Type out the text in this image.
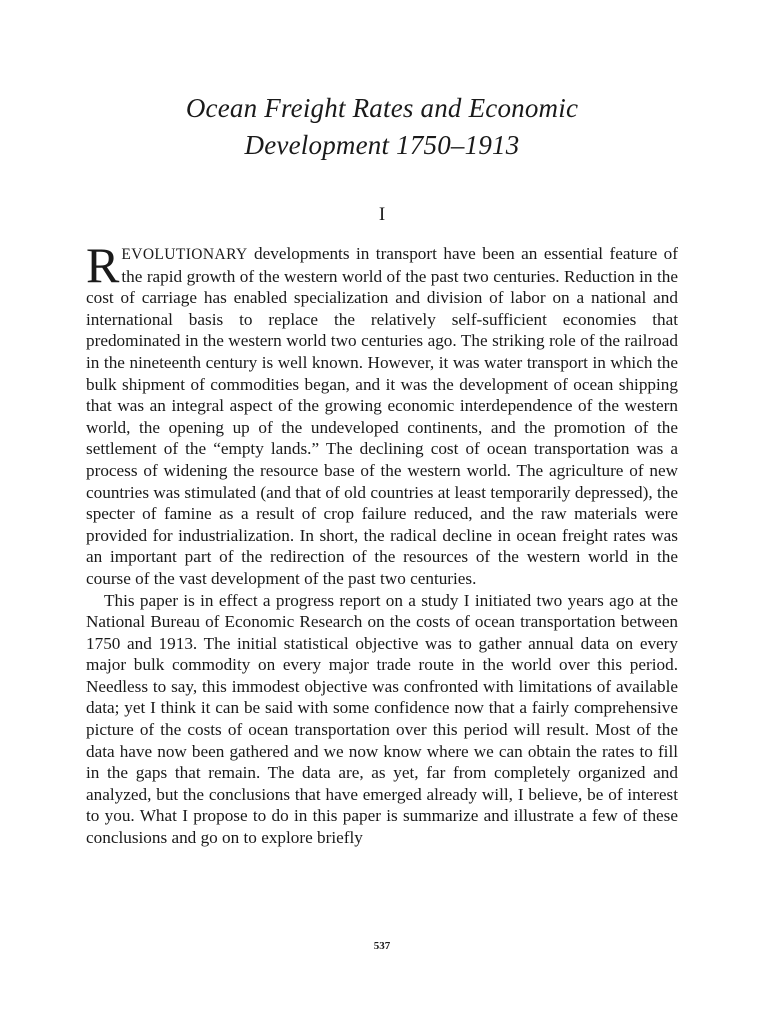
Ocean Freight Rates and Economic
Development 1750–1913
I

REVOLUTIONARY developments in transport have been an essential feature of the rapid growth of the western world of the past two centuries. Reduction in the cost of carriage has enabled specialization and division of labor on a national and international basis to replace the relatively self-sufficient economies that predominated in the western world two centuries ago. The striking role of the railroad in the nineteenth century is well known. However, it was water transport in which the bulk shipment of commodities began, and it was the development of ocean shipping that was an integral aspect of the growing economic interdependence of the western world, the opening up of the undeveloped continents, and the promotion of the settlement of the “empty lands.” The declining cost of ocean transportation was a process of widening the resource base of the western world. The agriculture of new countries was stimulated (and that of old countries at least temporarily depressed), the specter of famine as a result of crop failure reduced, and the raw materials were provided for industrialization. In short, the radical decline in ocean freight rates was an important part of the redirection of the resources of the western world in the course of the vast development of the past two centuries.

This paper is in effect a progress report on a study I initiated two years ago at the National Bureau of Economic Research on the costs of ocean transportation between 1750 and 1913. The initial statistical objective was to gather annual data on every major bulk commodity on every major trade route in the world over this period. Needless to say, this immodest objective was confronted with limitations of available data; yet I think it can be said with some confidence now that a fairly comprehensive picture of the costs of ocean transportation over this period will result. Most of the data have now been gathered and we now know where we can obtain the rates to fill in the gaps that remain. The data are, as yet, far from completely organized and analyzed, but the conclusions that have emerged already will, I believe, be of interest to you. What I propose to do in this paper is summarize and illustrate a few of these conclusions and go on to explore briefly

537
